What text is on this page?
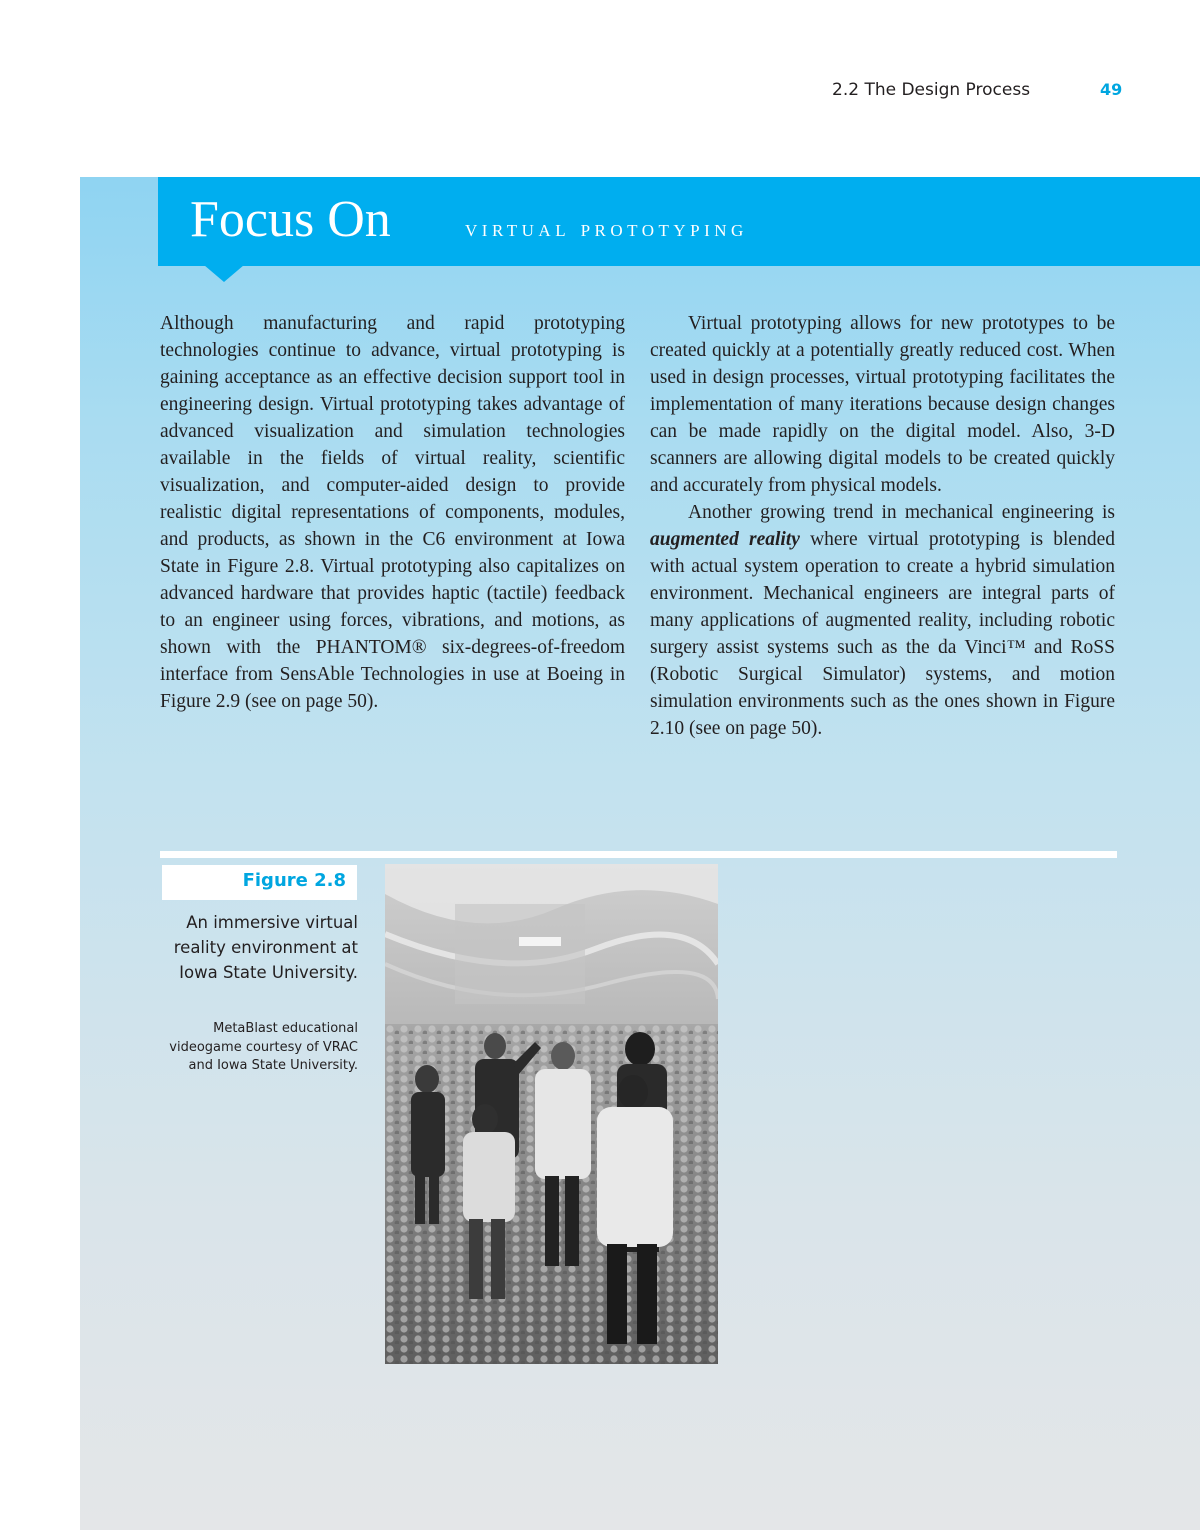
2.2 The Design Process	49
Focus On	virtual prototyping

Although manufacturing and rapid prototyping technologies continue to advance, virtual prototyping is gaining acceptance as an effective decision support tool in engineering design. Virtual prototyping takes advantage of advanced visualization and simulation technologies available in the fields of virtual reality, scientific visualization, and computer-aided design to provide realistic digital representations of components, modules, and products, as shown in the C6 environment at Iowa State in Figure 2.8. Virtual prototyping also capitalizes on advanced hardware that provides haptic (tactile) feedback to an engineer using forces, vibrations, and motions, as shown with the PHANTOM® six-degrees-of-freedom interface from SensAble Technologies in use at Boeing in Figure 2.9 (see on page 50).

Virtual prototyping allows for new prototypes to be created quickly at a potentially greatly reduced cost. When used in design processes, virtual prototyping facilitates the implementation of many iterations because design changes can be made rapidly on the digital model. Also, 3-D scanners are allowing digital models to be created quickly and accurately from physical models.

Another growing trend in mechanical engineering is augmented reality where virtual prototyping is blended with actual system operation to create a hybrid simulation environment. Mechanical engineers are integral parts of many applications of augmented reality, including robotic surgery assist systems such as the da Vinci™ and RoSS (Robotic Surgical Simulator) systems, and motion simulation environments such as the ones shown in Figure 2.10 (see on page 50).

Figure 2.8
An immersive virtual reality environment at Iowa State University.
MetaBlast educational videogame courtesy of VRAC and Iowa State University.
